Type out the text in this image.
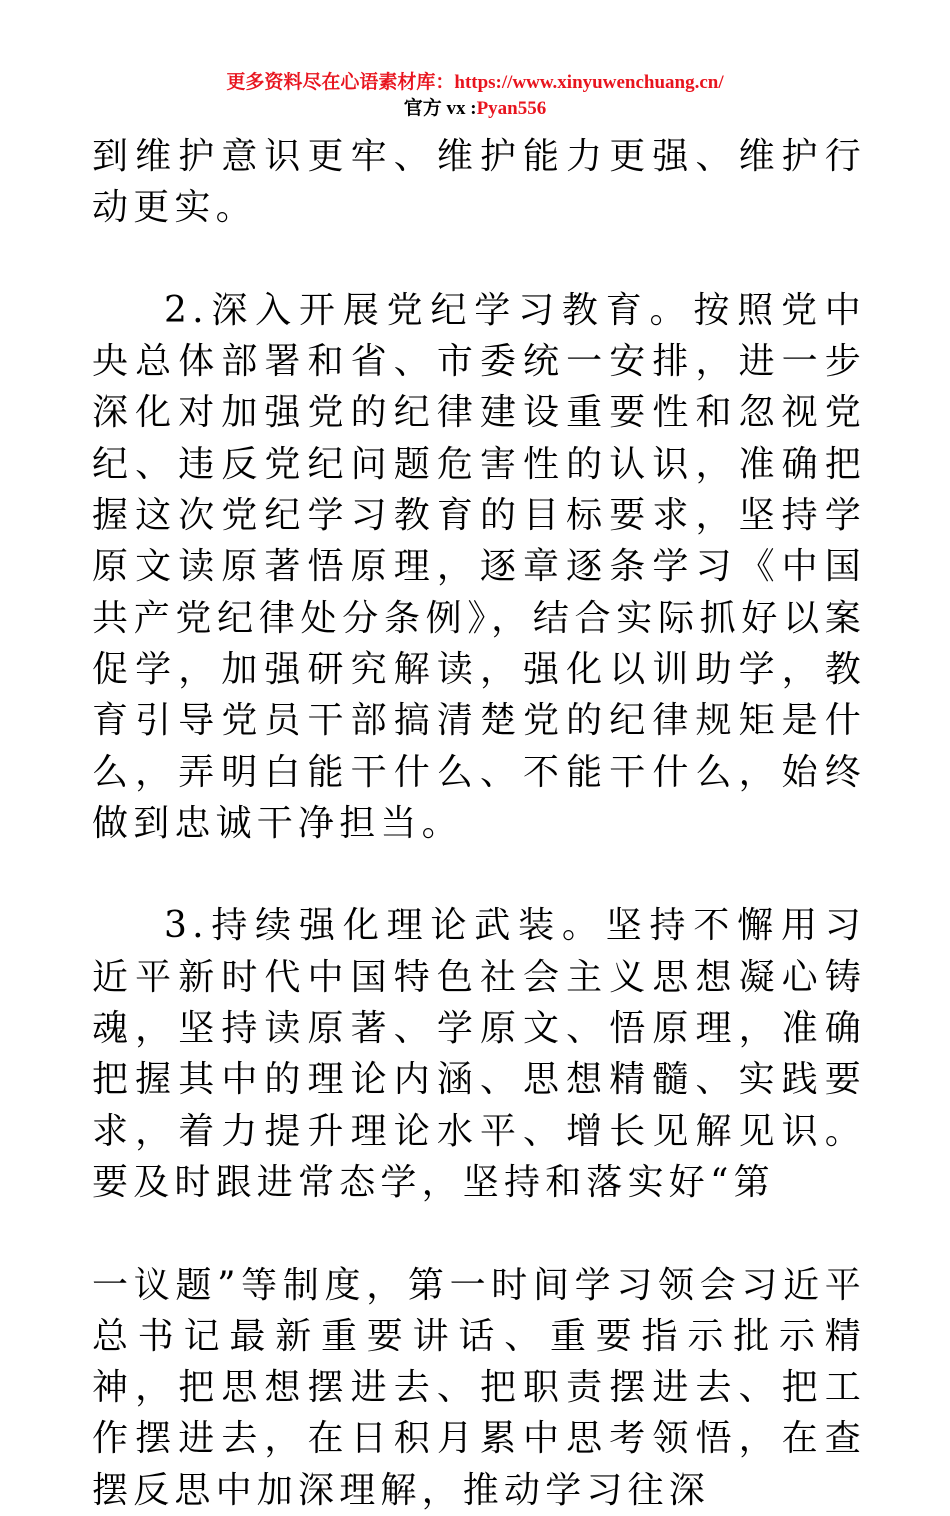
更多资料尽在心语素材库：https://www.xinyuwenchuang.cn/
官方 vx :Pyan556

到维护意识更牢、维护能力更强、维护行动更实。

2.深入开展党纪学习教育。按照党中央总体部署和省、市委统一安排，进一步深化对加强党的纪律建设重要性和忽视党纪、违反党纪问题危害性的认识，准确把握这次党纪学习教育的目标要求，坚持学原文读原著悟原理，逐章逐条学习《中国共产党纪律处分条例》，结合实际抓好以案促学，加强研究解读，强化以训助学，教育引导党员干部搞清楚党的纪律规矩是什么，弄明白能干什么、不能干什么，始终做到忠诚干净担当。

3.持续强化理论武装。坚持不懈用习近平新时代中国特色社会主义思想凝心铸魂，坚持读原著、学原文、悟原理，准确把握其中的理论内涵、思想精髓、实践要求，着力提升理论水平、增长见解见识。要及时跟进常态学，坚持和落实好“第

一议题”等制度，第一时间学习领会习近平总书记最新重要讲话、重要指示批示精神，把思想摆进去、把职责摆进去、把工作摆进去，在日积月累中思考领悟，在查摆反思中加深理解，推动学习往深
